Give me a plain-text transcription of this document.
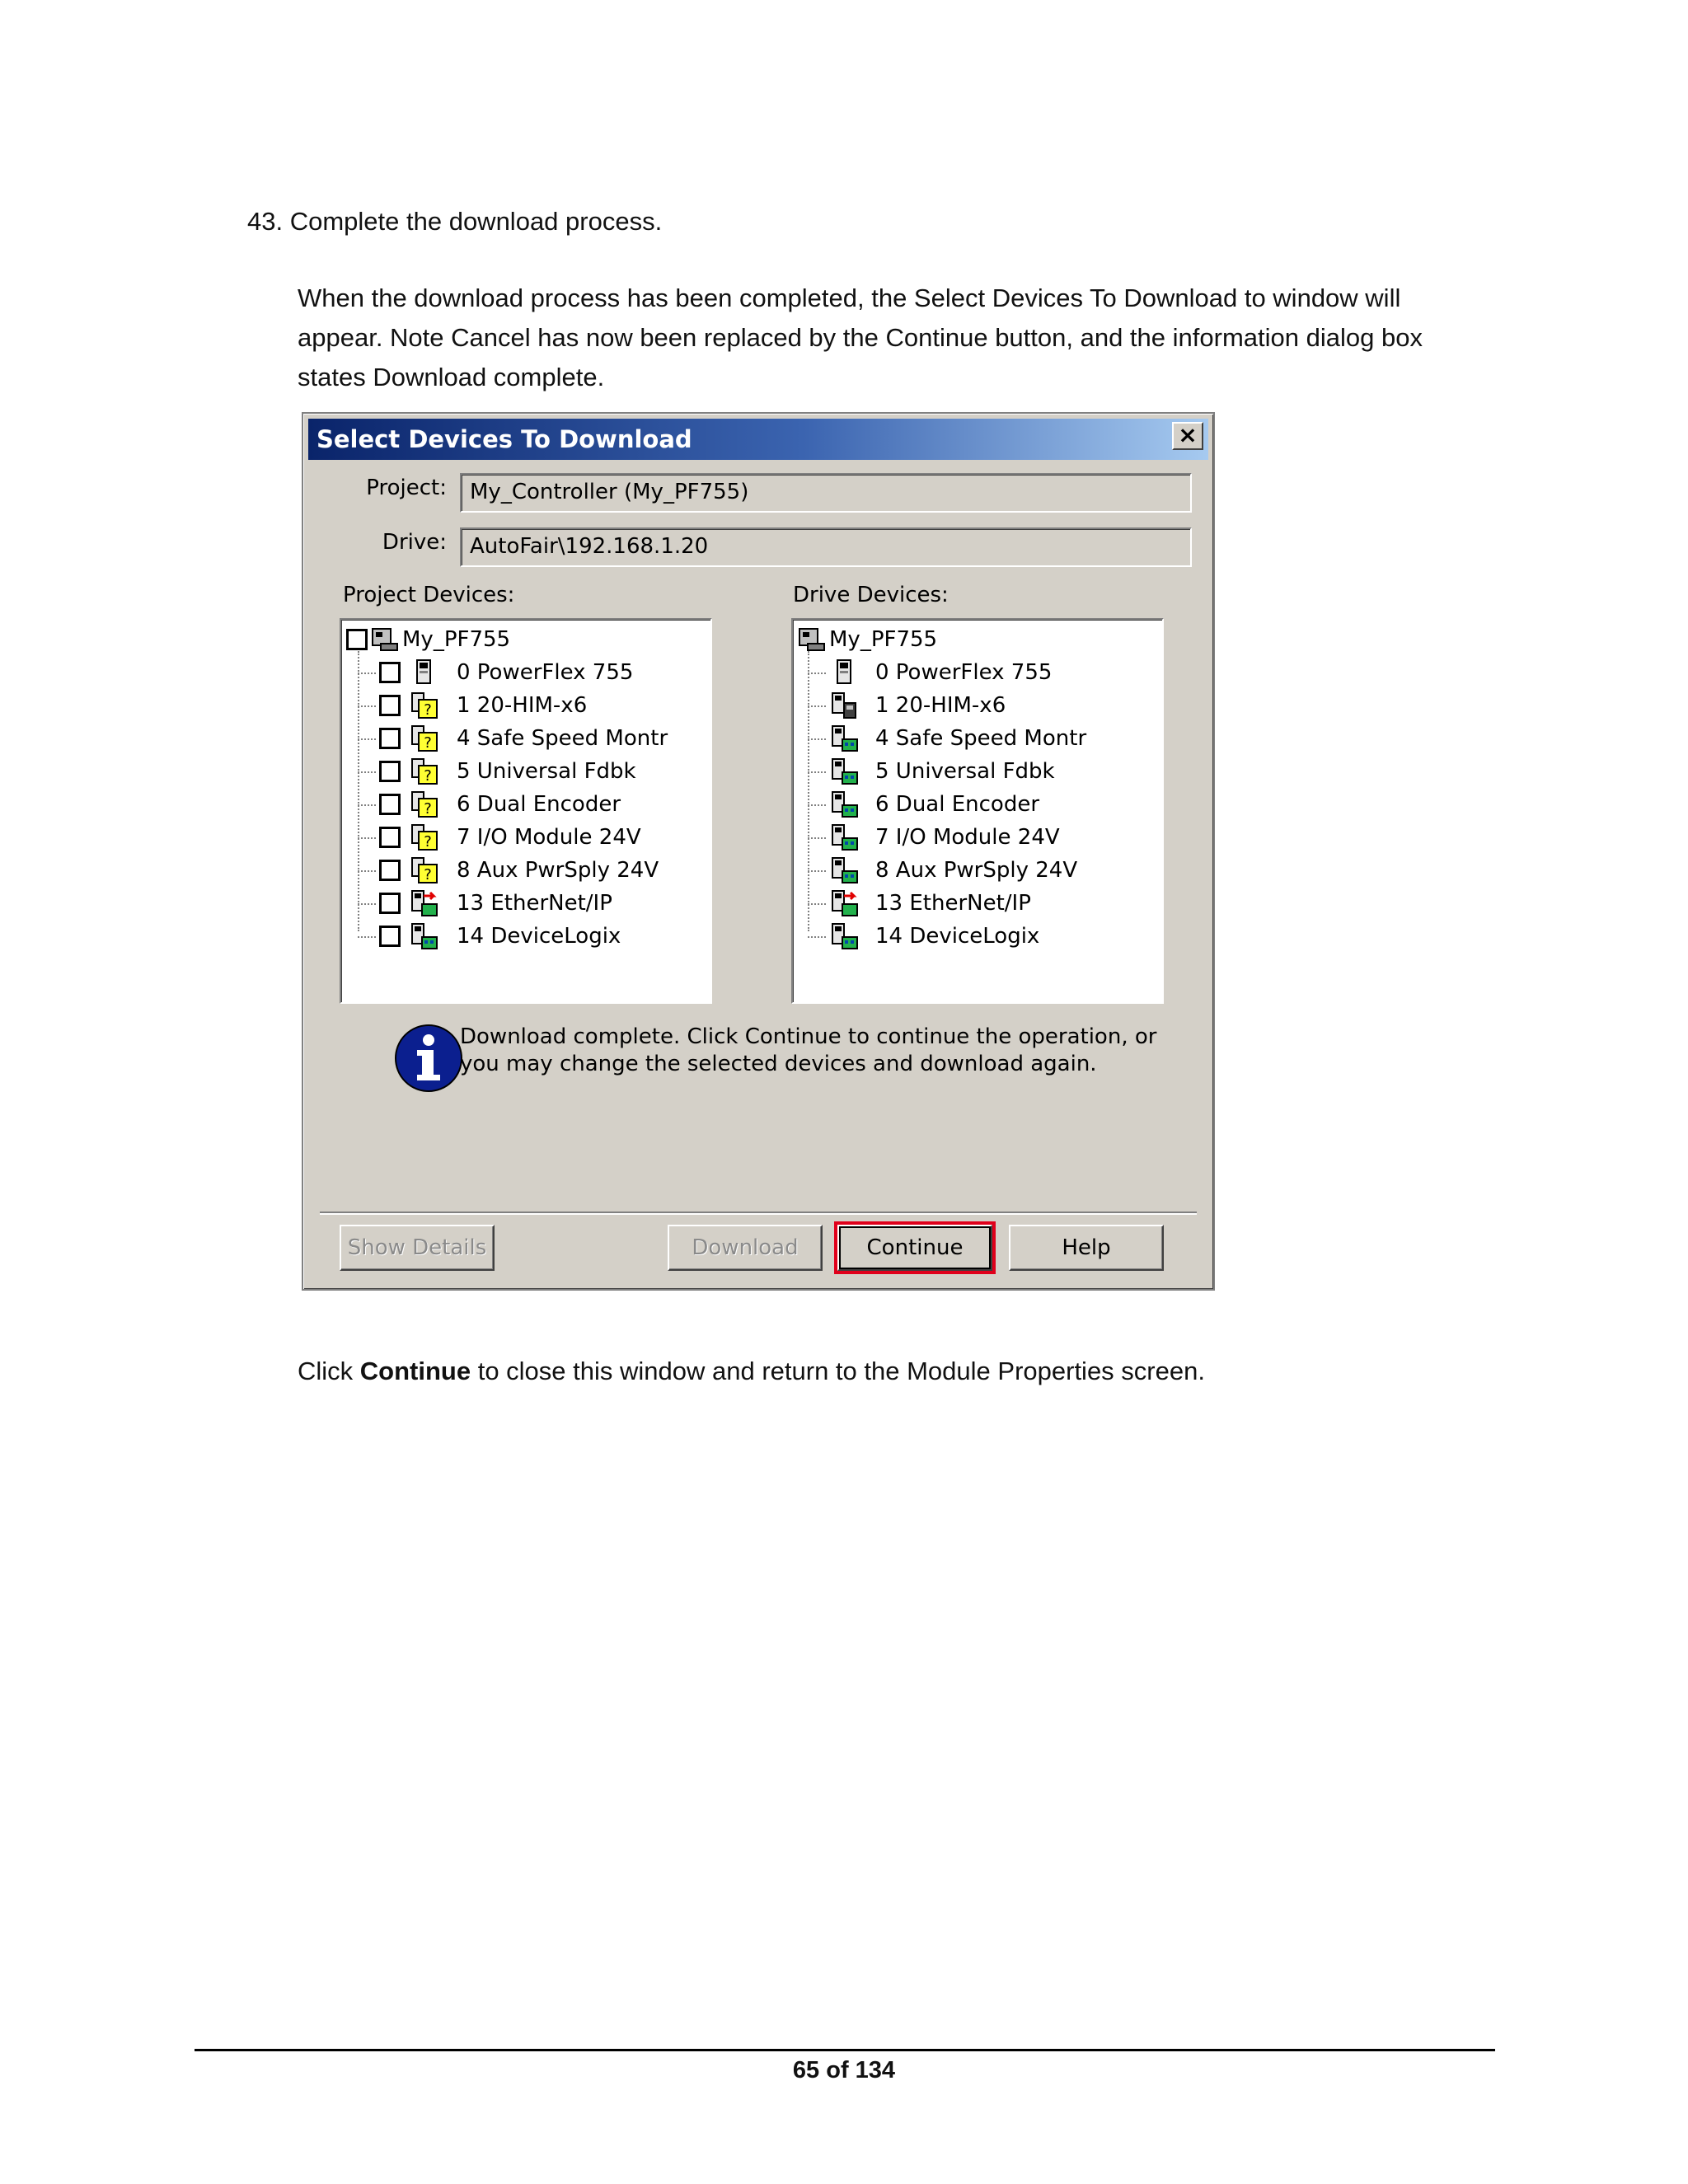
43. Complete the download process.
When the download process has been completed, the Select Devices To Download to window will appear. Note Cancel has now been replaced by the Continue button, and the information dialog box states Download complete.
Select Devices To Download	×
Project:	My_Controller (My_PF755)
Drive:	AutoFair\192.168.1.20
Project Devices:	Drive Devices:
My_PF755
0 PowerFlex 755
? 1 20-HIM-x6
? 4 Safe Speed Montr
? 5 Universal Fdbk
? 6 Dual Encoder
? 7 I/O Module 24V
? 8 Aux PwrSply 24V
13 EtherNet/IP
14 DeviceLogix
My_PF755
0 PowerFlex 755
1 20-HIM-x6
4 Safe Speed Montr
5 Universal Fdbk
6 Dual Encoder
7 I/O Module 24V
8 Aux PwrSply 24V
13 EtherNet/IP
14 DeviceLogix
Download complete. Click Continue to continue the operation, or
you may change the selected devices and download again.
Show Details	Download	Continue	Help
Click Continue to close this window and return to the Module Properties screen.
65 of 134
